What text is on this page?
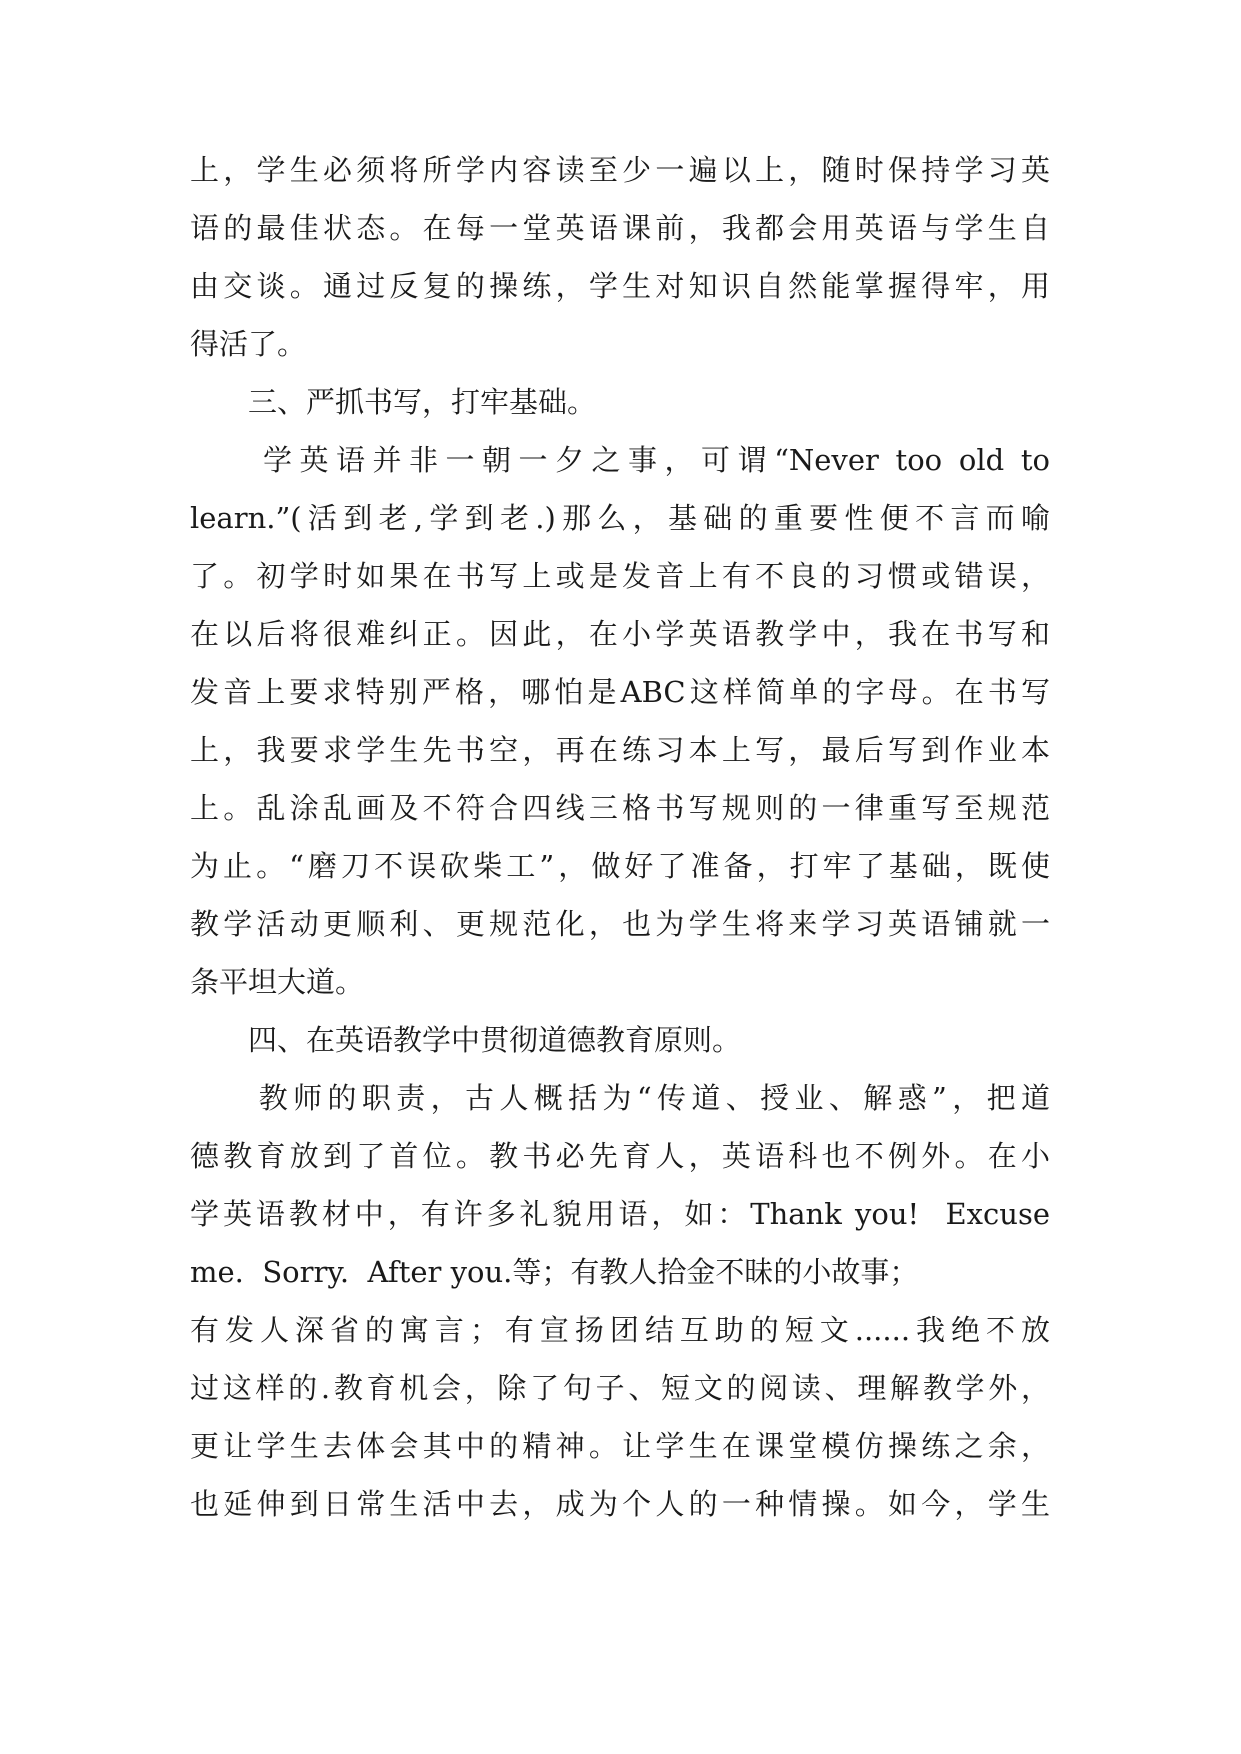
上，学生必须将所学内容读至少一遍以上，随时保持学习英
语的最佳状态。在每一堂英语课前，我都会用英语与学生自
由交谈。通过反复的操练，学生对知识自然能掌握得牢，用
得活了。
　　三、严抓书写，打牢基础。
　　学英语并非一朝一夕之事，可谓“Never too old to
learn.”(活到老,学到老.)那么，基础的重要性便不言而喻
了。初学时如果在书写上或是发音上有不良的习惯或错误，
在以后将很难纠正。因此，在小学英语教学中，我在书写和
发音上要求特别严格，哪怕是ABC这样简单的字母。在书写
上，我要求学生先书空，再在练习本上写，最后写到作业本
上。乱涂乱画及不符合四线三格书写规则的一律重写至规范
为止。“磨刀不误砍柴工”，做好了准备，打牢了基础，既使
教学活动更顺利、更规范化，也为学生将来学习英语铺就一
条平坦大道。
　　四、在英语教学中贯彻道德教育原则。
　　教师的职责，古人概括为“传道、授业、解惑”，把道
德教育放到了首位。教书必先育人，英语科也不例外。在小
学英语教材中，有许多礼貌用语，如：Thank you!  Excuse
me.  Sorry.  After you.等；有教人拾金不昧的小故事；
有发人深省的寓言；有宣扬团结互助的短文......我绝不放
过这样的.教育机会，除了句子、短文的阅读、理解教学外，
更让学生去体会其中的精神。让学生在课堂模仿操练之余，
也延伸到日常生活中去，成为个人的一种情操。如今，学生
